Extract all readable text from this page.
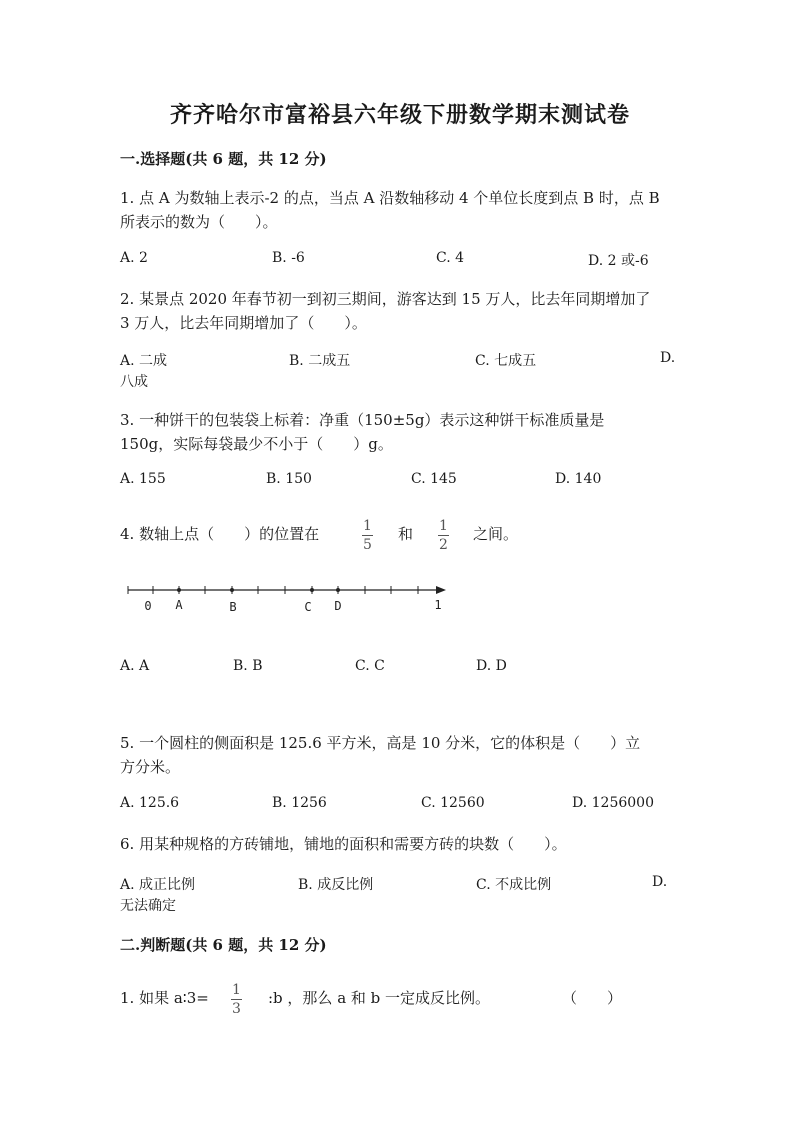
齐齐哈尔市富裕县六年级下册数学期末测试卷
一.选择题(共 6 题，共 12 分)
1. 点 A 为数轴上表示-2 的点，当点 A 沿数轴移动 4 个单位长度到点 B 时，点 B
所表示的数为（　　）。
A. 2	B. -6	C. 4	D. 2 或-6
2. 某景点 2020 年春节初一到初三期间，游客达到 15 万人，比去年同期增加了
3 万人，比去年同期增加了（　　）。
A. 二成	B. 二成五	C. 七成五	D.
八成
3. 一种饼干的包装袋上标着：净重（150±5g）表示这种饼干标准质量是
150g，实际每袋最少不小于（　　）g。
A. 155	B. 150	C. 145	D. 140
4. 数轴上点（　　）的位置在	1
5
和 1
2
之间。
0 A	B	C D	1
A. A	B. B	C. C	D. D
5. 一个圆柱的侧面积是 125.6 平方米，高是 10 分米，它的体积是（　　）立
方分米。
A. 125.6	B. 1256	C. 12560	D. 1256000
6. 用某种规格的方砖铺地，铺地的面积和需要方砖的块数（　　）。
A. 成正比例	B. 成反比例	C. 不成比例	D.
无法确定
二.判断题(共 6 题，共 12 分)
1. 如果 a∶3= 1
3
:b ，那么 a 和 b 一定成反比例。	（　　）
